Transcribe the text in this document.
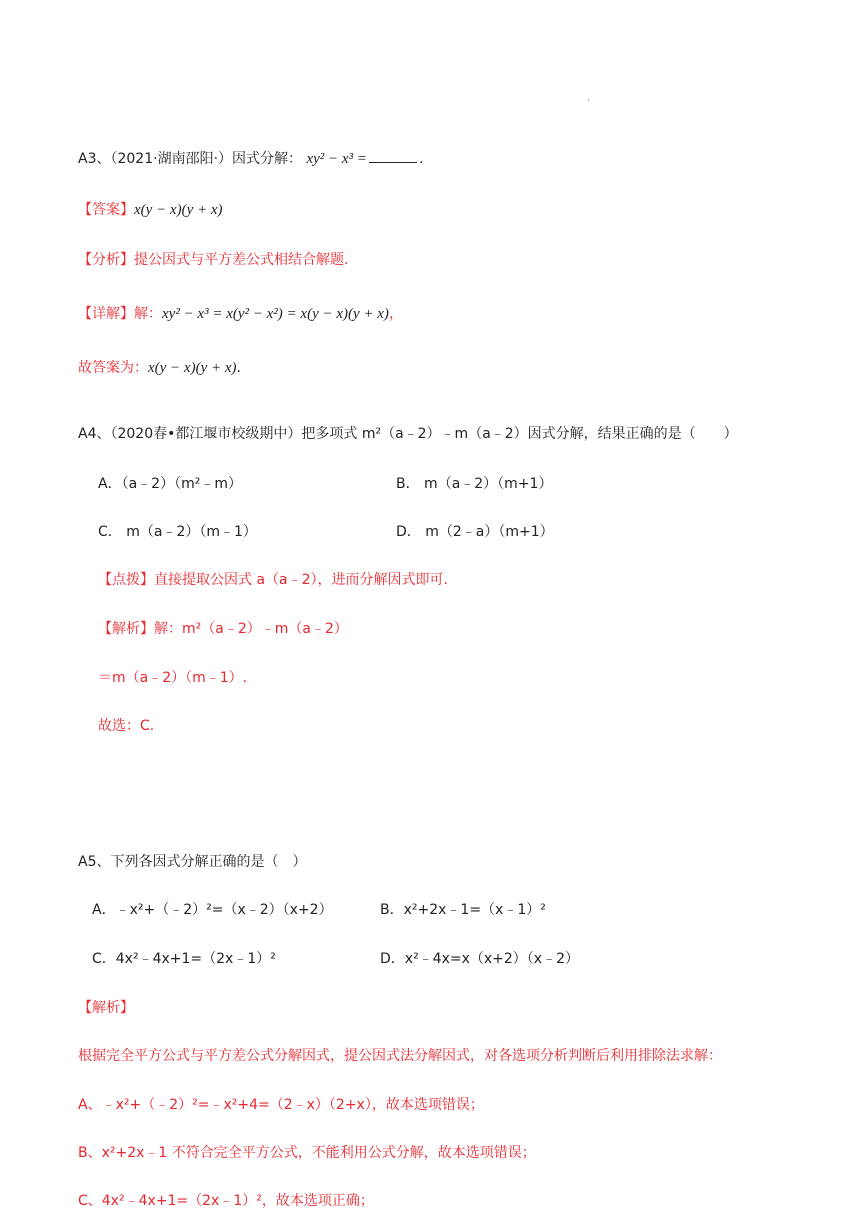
·
A3、（2021·湖南邵阳·）因式分解： xy² − x³ =	.
【答案】x(y − x)(y + x)
【分析】提公因式与平方差公式相结合解题.
【详解】解：xy² − x³ = x(y² − x²) = x(y − x)(y + x)，
故答案为：x(y − x)(y + x).
A4、（2020春•都江堰市校级期中）把多项式 m²（a﹣2）﹣m（a﹣2）因式分解，结果正确的是（　　）
A．（a﹣2）（m²﹣m）	B． m（a﹣2）（m+1）
C． m（a﹣2）（m﹣1）	D． m（2﹣a）（m+1）
【点拨】直接提取公因式 a（a﹣2），进而分解因式即可.
【解析】解：m²（a﹣2）﹣m（a﹣2）
＝m（a﹣2）（m﹣1）.
故选：C.
A5、下列各因式分解正确的是（　）
A．﹣x²+（﹣2）²=（x﹣2）（x+2）	B．x²+2x﹣1=（x﹣1）²
C．4x²﹣4x+1=（2x﹣1）²	D．x²﹣4x=x（x+2）（x﹣2）
【解析】
根据完全平方公式与平方差公式分解因式，提公因式法分解因式，对各选项分析判断后利用排除法求解：
A、﹣x²+（﹣2）²=﹣x²+4=（2﹣x）（2+x），故本选项错误；
B、x²+2x﹣1 不符合完全平方公式，不能利用公式分解，故本选项错误；
C、4x²﹣4x+1=（2x﹣1）²，故本选项正确；
